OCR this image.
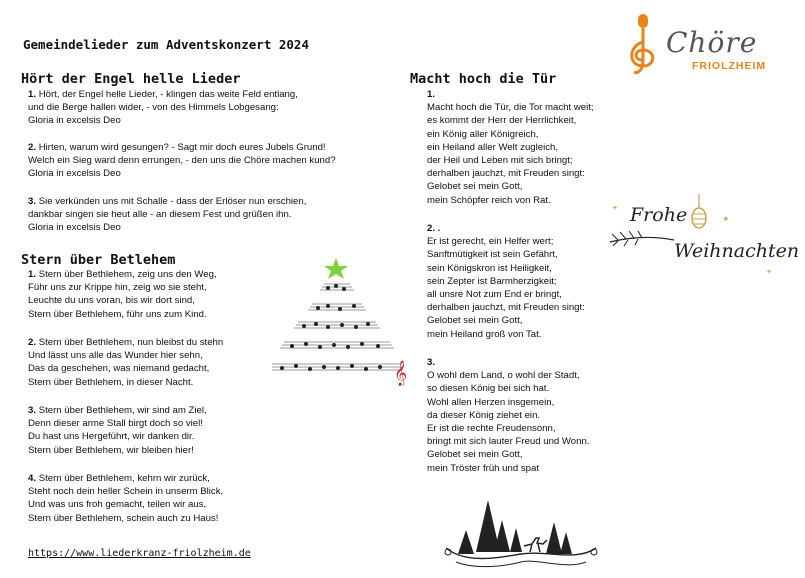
Gemeindelieder zum Adventskonzert 2024	Chöre
FRIOLZHEIM
Hört der Engel helle Lieder
1. Hört, der Engel helle Lieder, - klingen das weite Feld entlang,
und die Berge hallen wider, - von des Himmels Lobgesang:
Gloria in excelsis Deo
2. Hirten, warum wird gesungen? - Sagt mir doch eures Jubels Grund!
Welch ein Sieg ward denn errungen, - den uns die Chöre machen kund?
Gloria in excelsis Deo
3. Sie verkünden uns mit Schalle - dass der Erlöser nun erschien,
dankbar singen sie heut alle - an diesem Fest und grüßen ihn.
Gloria in excelsis Deo
Stern über Betlehem
1. Stern über Bethlehem, zeig uns den Weg,
Führ uns zur Krippe hin, zeig wo sie steht,
Leuchte du uns voran, bis wir dort sind,
Stern über Bethlehem, führ uns zum Kind.
2. Stern über Bethlehem, nun bleibst du stehn
Und lässt uns alle das Wunder hier sehn,
Das da geschehen, was niemand gedacht,
Stern über Bethlehem, in dieser Nacht.
3. Stern über Bethlehem, wir sind am Ziel,
Denn dieser arme Stall birgt doch so viel!
Du hast uns Hergeführt, wir danken dir.
Stern über Bethlehem, wir bleiben hier!
4. Stern über Bethlehem, kehrn wir zurück,
Steht noch dein heller Schein in unserm Blick,
Und was uns froh gemacht, teilen wir aus,
Stern über Bethlehem, schein auch zu Haus!
𝄞
Macht hoch die Tür
1.
Macht hoch die Tür, die Tor macht weit;
es kommt der Herr der Herrlichkeit,
ein König aller Königreich,
ein Heiland aller Welt zugleich,
der Heil und Leben mit sich bringt;
derhalben jauchzt, mit Freuden singt:
Gelobet sei mein Gott,
mein Schöpfer reich von Rat.
2. .
Er ist gerecht, ein Helfer wert;
Sanftmütigkeit ist sein Gefährt,
sein Königskron ist Heiligkeit,
sein Zepter ist Barmherzigkeit;
all unsre Not zum End er bringt,
derhalben jauchzt, mit Freuden singt:
Gelobet sei mein Gott,
mein Heiland groß von Tat.
3.
O wohl dem Land, o wohl der Stadt,
so diesen König bei sich hat.
Wohl allen Herzen insgemein,
da dieser König ziehet ein.
Er ist die rechte Freudensonn,
bringt mit sich lauter Freud und Wonn.
Gelobet sei mein Gott,
mein Tröster früh und spat
✦
✦
✦
Frohe
Weihnachten
https://www.liederkranz-friolzheim.de
